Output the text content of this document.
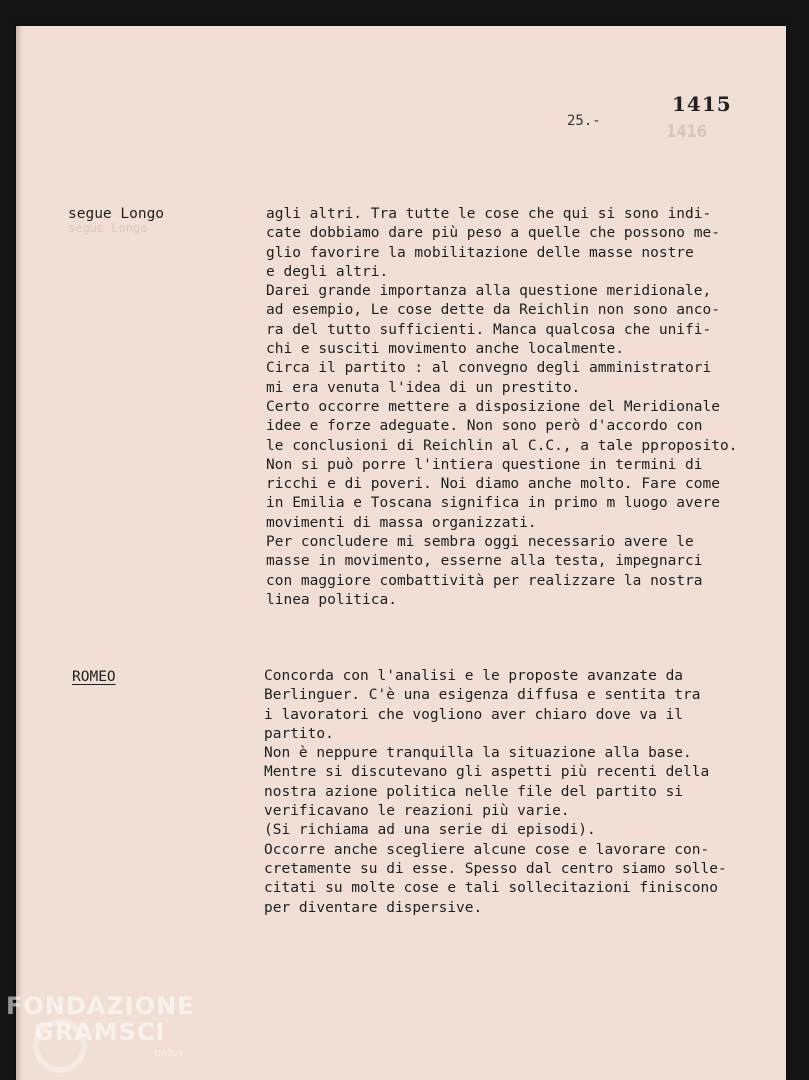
1416
segue Longo
1415
25.-
segue Longo	agli altri. Tra tutte le cose che qui si sono indi-
cate dobbiamo dare più peso a quelle che possono me-
glio favorire la mobilitazione delle masse nostre
e degli altri.
Darei grande importanza alla questione meridionale,
ad esempio, Le cose dette da Reichlin non sono anco-
ra del tutto sufficienti. Manca qualcosa che unifi-
chi e susciti movimento anche localmente.
Circa il partito : al convegno degli amministratori
mi era venuta l'idea di un prestito.
Certo occorre mettere a disposizione del Meridionale
idee e forze adeguate. Non sono però d'accordo con
le conclusioni di Reichlin al C.C., a tale pproposito.
Non si può porre l'intiera questione in termini di
ricchi e di poveri. Noi diamo anche molto. Fare come
in Emilia e Toscana significa in primo m luogo avere
movimenti di massa organizzati.
Per concludere mi sembra oggi necessario avere le
masse in movimento, esserne alla testa, impegnarci
con maggiore combattività per realizzare la nostra
linea politica.
ROMEO	Concorda con l'analisi e le proposte avanzate da
Berlinguer. C'è una esigenza diffusa e sentita tra
i lavoratori che vogliono aver chiaro dove va il
partito.
Non è neppure tranquilla la situazione alla base.
Mentre si discutevano gli aspetti più recenti della
nostra azione politica nelle file del partito si
verificavano le reazioni più varie.
(Si richiama ad una serie di episodi).
Occorre anche scegliere alcune cose e lavorare con-
cretamente su di esse. Spesso dal centro siamo solle-
citati su molte cose e tali sollecitazioni finiscono
per diventare dispersive.
FONDAZIONE
GRAMSCI
onlus
